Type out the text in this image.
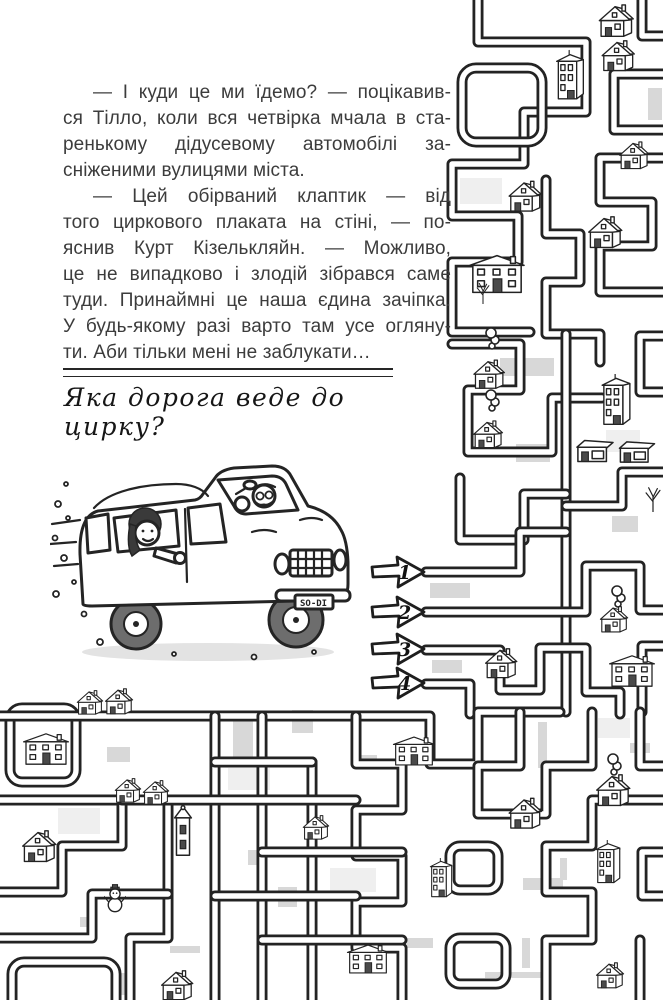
— І куди це ми їдемо? — поцікавив-
ся Тілло, коли вся четвірка мчала в ста-
ренькому дідусевому автомобілі за-
сніженими вулицями міста.
— Цей обірваний клаптик — від
того циркового плаката на стіні, — по-
яснив Курт Кізелькляйн. — Можливо,
це не випадково і злодій зібрався саме
туди. Принаймні це наша єдина зачіпка.
У будь-якому разі варто там усе огляну-
ти. Аби тільки мені не заблукати…
Яка дорога веде до цирку?
SO-DI
1
2
3
4
